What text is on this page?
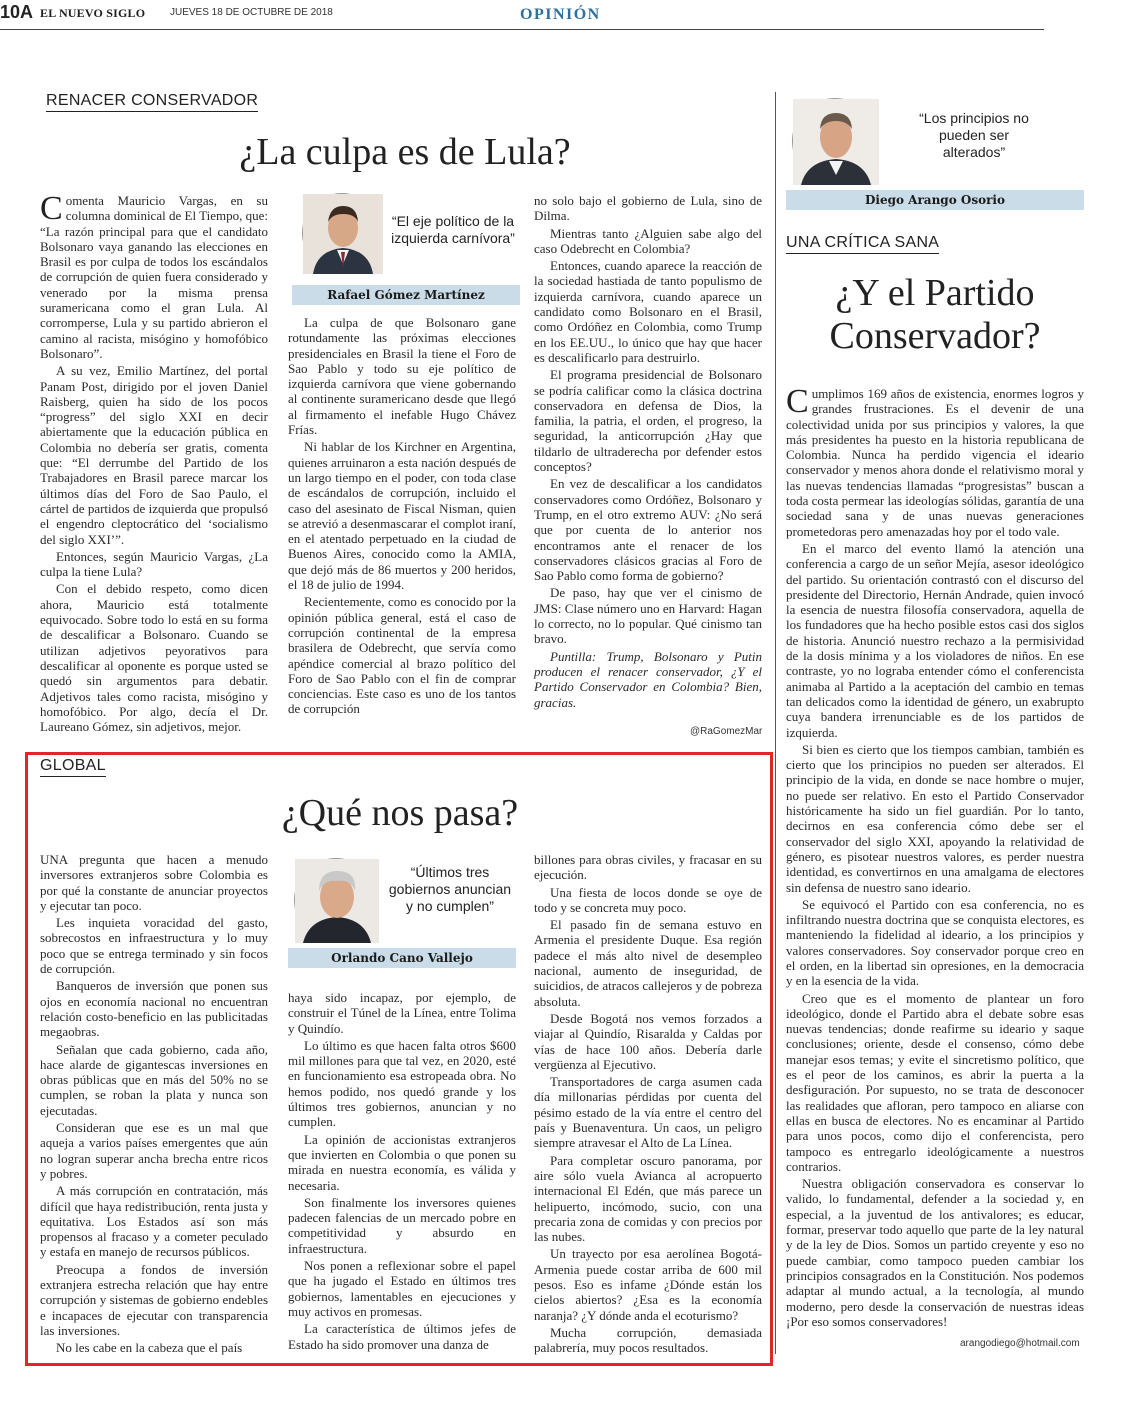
10A EL NUEVO SIGLO JUEVES 18 DE OCTUBRE DE 2018	OPINIÓN
RENACER CONSERVADOR
¿La culpa es de Lula?

Comenta Mauricio Vargas, en su columna dominical de El Tiempo, que: “La razón principal para que el candidato Bolsonaro vaya ganando las elecciones en Brasil es por culpa de todos los escándalos de corrupción de quien fuera considerado y venerado por la misma prensa suramericana como el gran Lula. Al corromperse, Lula y su partido abrieron el camino al racista, misógino y homofóbico Bolsonaro”.

A su vez, Emilio Martínez, del portal Panam Post, dirigido por el joven Daniel Raisberg, quien ha sido de los pocos “progress” del siglo XXI en decir abiertamente que la educación pública en Colombia no debería ser gratis, comenta que: “El derrumbe del Partido de los Trabajadores en Brasil parece marcar los últimos días del Foro de Sao Paulo, el cártel de partidos de izquierda que propulsó el engendro cleptocrático del ‘socialismo del siglo XXI’”.

Entonces, según Mauricio Vargas, ¿La culpa la tiene Lula?

Con el debido respeto, como dicen ahora, Mauricio está totalmente equivocado. Sobre todo lo está en su forma de descalificar a Bolsonaro. Cuando se utilizan adjetivos peyorativos para descalificar al oponente es porque usted se quedó sin argumentos para debatir. Adjetivos tales como racista, misógino y homofóbico. Por algo, decía el Dr. Laureano Gómez, sin adjetivos, mejor.

“El eje político de la izquierda carnívora”
Rafael Gómez Martínez

La culpa de que Bolsonaro gane rotundamente las próximas elecciones presidenciales en Brasil la tiene el Foro de Sao Pablo y todo su eje político de izquierda carnívora que viene gobernando al continente suramericano desde que llegó al firmamento el inefable Hugo Chávez Frías.

Ni hablar de los Kirchner en Argentina, quienes arruinaron a esta nación después de un largo tiempo en el poder, con toda clase de escándalos de corrupción, incluido el caso del asesinato de Fiscal Nisman, quien se atrevió a desenmascarar el complot iraní, en el atentado perpetuado en la ciudad de Buenos Aires, conocido como la AMIA, que dejó más de 86 muertos y 200 heridos, el 18 de julio de 1994.

Recientemente, como es conocido por la opinión pública general, está el caso de corrupción continental de la empresa brasilera de Odebrecht, que servía como apéndice comercial al brazo político del Foro de Sao Pablo con el fin de comprar conciencias. Este caso es uno de los tantos de corrupción

no solo bajo el gobierno de Lula, sino de Dilma.

Mientras tanto ¿Alguien sabe algo del caso Odebrecht en Colombia?

Entonces, cuando aparece la reacción de la sociedad hastiada de tanto populismo de izquierda carnívora, cuando aparece un candidato como Bolsonaro en el Brasil, como Ordóñez en Colombia, como Trump en los EE.UU., lo único que hay que hacer es descalificarlo para destruirlo.

El programa presidencial de Bolsonaro se podría calificar como la clásica doctrina conservadora en defensa de Dios, la familia, la patria, el orden, el progreso, la seguridad, la anticorrupción ¿Hay que tildarlo de ultraderecha por defender estos conceptos?

En vez de descalificar a los candidatos conservadores como Ordóñez, Bolsonaro y Trump, en el otro extremo AUV: ¿No será que por cuenta de lo anterior nos encontramos ante el renacer de los conservadores clásicos gracias al Foro de Sao Pablo como forma de gobierno?

De paso, hay que ver el cinismo de JMS: Clase número uno en Harvard: Hagan lo correcto, no lo popular. Qué cinismo tan bravo.

Puntilla: Trump, Bolsonaro y Putin producen el renacer conservador, ¿Y el Partido Conservador en Colombia? Bien, gracias.

@RaGomezMar
GLOBAL
¿Qué nos pasa?

UNA pregunta que hacen a menudo inversores extranjeros sobre Colombia es por qué la constante de anunciar proyectos y ejecutar tan poco.

Les inquieta voracidad del gasto, sobrecostos en infraestructura y lo muy poco que se entrega terminado y sin focos de corrupción.

Banqueros de inversión que ponen sus ojos en economía nacional no encuentran relación costo-beneficio en las publicitadas megaobras.

Señalan que cada gobierno, cada año, hace alarde de gigantescas inversiones en obras públicas que en más del 50% no se cumplen, se roban la plata y nunca son ejecutadas.

Consideran que ese es un mal que aqueja a varios países emergentes que aún no logran superar ancha brecha entre ricos y pobres.

A más corrupción en contratación, más difícil que haya redistribución, renta justa y equitativa. Los Estados así son más propensos al fracaso y a cometer peculado y estafa en manejo de recursos públicos.

Preocupa a fondos de inversión extranjera estrecha relación que hay entre corrupción y sistemas de gobierno endebles e incapaces de ejecutar con transparencia las inversiones.

No les cabe en la cabeza que el país

“Últimos tres gobiernos anuncian y no cumplen”
Orlando Cano Vallejo

haya sido incapaz, por ejemplo, de construir el Túnel de la Línea, entre Tolima y Quindío.

Lo último es que hacen falta otros $600 mil millones para que tal vez, en 2020, esté en funcionamiento esa estropeada obra. No hemos podido, nos quedó grande y los últimos tres gobiernos, anuncian y no cumplen.

La opinión de accionistas extranjeros que invierten en Colombia o que ponen su mirada en nuestra economía, es válida y necesaria.

Son finalmente los inversores quienes padecen falencias de un mercado pobre en competitividad y absurdo en infraestructura.

Nos ponen a reflexionar sobre el papel que ha jugado el Estado en últimos tres gobiernos, lamentables en ejecuciones y muy activos en promesas.

La característica de últimos jefes de Estado ha sido promover una danza de

billones para obras civiles, y fracasar en su ejecución.

Una fiesta de locos donde se oye de todo y se concreta muy poco.

El pasado fin de semana estuvo en Armenia el presidente Duque. Esa región padece el más alto nivel de desempleo nacional, aumento de inseguridad, de suicidios, de atracos callejeros y de pobreza absoluta.

Desde Bogotá nos vemos forzados a viajar al Quindío, Risaralda y Caldas por vías de hace 100 años. Debería darle vergüenza al Ejecutivo.

Transportadores de carga asumen cada día millonarias pérdidas por cuenta del pésimo estado de la vía entre el centro del país y Buenaventura. Un caos, un peligro siempre atravesar el Alto de La Línea.

Para completar oscuro panorama, por aire sólo vuela Avianca al acropuerto internacional El Edén, que más parece un helipuerto, incómodo, sucio, con una precaria zona de comidas y con precios por las nubes.

Un trayecto por esa aerolínea Bogotá-Armenia puede costar arriba de 600 mil pesos. Eso es infame ¿Dónde están los cielos abiertos? ¿Esa es la economía naranja? ¿Y dónde anda el ecoturismo?

Mucha corrupción, demasiada palabrería, muy pocos resultados.

“Los principios no pueden ser alterados”
Diego Arango Osorio
UNA CRÍTICA SANA
¿Y el Partido Conservador?

Cumplimos 169 años de existencia, enormes logros y grandes frustraciones. Es el devenir de una colectividad unida por sus principios y valores, la que más presidentes ha puesto en la historia republicana de Colombia. Nunca ha perdido vigencia el ideario conservador y menos ahora donde el relativismo moral y las nuevas tendencias llamadas “progresistas” buscan a toda costa permear las ideologías sólidas, garantía de una sociedad sana y de unas nuevas generaciones prometedoras pero amenazadas hoy por el todo vale.

En el marco del evento llamó la atención una conferencia a cargo de un señor Mejía, asesor ideológico del partido. Su orientación contrastó con el discurso del presidente del Directorio, Hernán Andrade, quien invocó la esencia de nuestra filosofía conservadora, aquella de los fundadores que ha hecho posible estos casi dos siglos de historia. Anunció nuestro rechazo a la permisividad de la dosis mínima y a los violadores de niños. En ese contraste, yo no lograba entender cómo el conferencista animaba al Partido a la aceptación del cambio en temas tan delicados como la identidad de género, un exabrupto cuya bandera irrenunciable es de los partidos de izquierda.

Si bien es cierto que los tiempos cambian, también es cierto que los principios no pueden ser alterados. El principio de la vida, en donde se nace hombre o mujer, no puede ser relativo. En esto el Partido Conservador históricamente ha sido un fiel guardián. Por lo tanto, decirnos en esa conferencia cómo debe ser el conservador del siglo XXI, apoyando la relatividad de género, es pisotear nuestros valores, es perder nuestra identidad, es convertirnos en una amalgama de electores sin defensa de nuestro sano ideario.

Se equivocó el Partido con esa conferencia, no es infiltrando nuestra doctrina que se conquista electores, es manteniendo la fidelidad al ideario, a los principios y valores conservadores. Soy conservador porque creo en el orden, en la libertad sin opresiones, en la democracia y en la esencia de la vida.

Creo que es el momento de plantear un foro ideológico, donde el Partido abra el debate sobre esas nuevas tendencias; donde reafirme su ideario y saque conclusiones; oriente, desde el consenso, cómo debe manejar esos temas; y evite el sincretismo político, que es el peor de los caminos, es abrir la puerta a la desfiguración. Por supuesto, no se trata de desconocer las realidades que afloran, pero tampoco en aliarse con ellas en busca de electores. No es encaminar al Partido para unos pocos, como dijo el conferencista, pero tampoco es entregarlo ideológicamente a nuestros contrarios.

Nuestra obligación conservadora es conservar lo valido, lo fundamental, defender a la sociedad y, en especial, a la juventud de los antivalores; es educar, formar, preservar todo aquello que parte de la ley natural y de la ley de Dios. Somos un partido creyente y eso no puede cambiar, como tampoco pueden cambiar los principios consagrados en la Constitución. Nos podemos adaptar al mundo actual, a la tecnología, al mundo moderno, pero desde la conservación de nuestras ideas ¡Por eso somos conservadores!

arangodiego@hotmail.com
